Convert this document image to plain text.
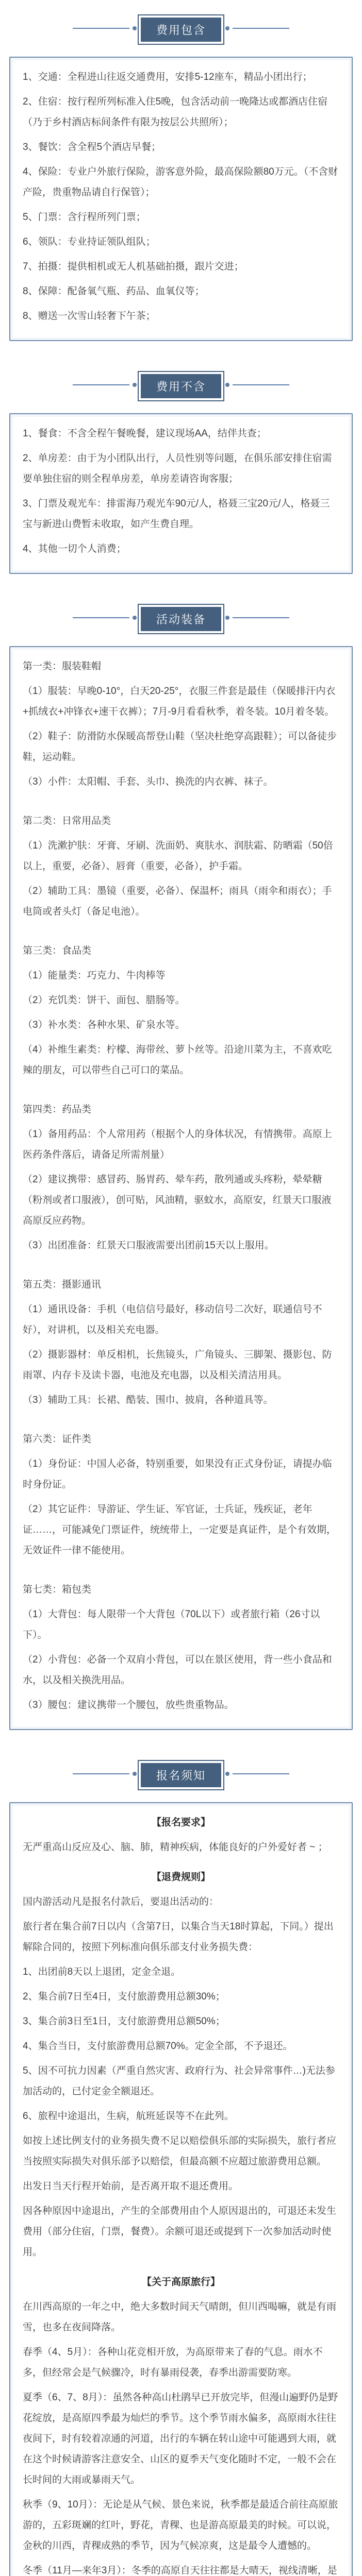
费用包含

1、交通：全程进山往返交通费用，安排5-12座车，精品小团出行；

2、住宿：按行程所列标准入住5晚，包含活动前一晚隆达或都酒店住宿（乃于乡村酒店标间条件有限为按层公共照所）；

3、餐饮：含全程5个酒店早餐；

4、保险：专业户外旅行保险，游客意外险，最高保险额80万元。（不含财产险，贵重物品请自行保管）；

5、门票：含行程所列门票；

6、领队：专业持证领队组队；

7、拍摄：提供相机或无人机基础拍摄，跟片交进；

8、保障：配备氧气瓶、药品、血氧仪等；

8、赠送一次雪山轻奢下午茶；

费用不含

1、餐食：不含全程午餐晚餐，建议现场AA，结伴共查；

2、单房差：由于为小团队出行，人员性别等问题，在俱乐部安排住宿需要单独住宿的则全程单房差，单房差请咨询客服；

3、门票及观光车：排雷海乃观光车90元/人，格聂三宝20元/人，格聂三宝与新进山费暂未收取，如产生费自理。

4、其他一切个人消费；

活动装备

第一类：服装鞋帽

（1）服装：早晚0-10°，白天20-25°，衣服三件套是最佳（保暖排汗内衣+抓绒衣+冲锋衣+速干衣裤）；7月-9月看看秋季，着冬装。10月着冬装。

（2）鞋子：防滑防水保暖高帮登山鞋（坚决杜绝穿高跟鞋）；可以备徒步鞋，运动鞋。

（3）小件：太阳帽、手套、头巾、换洗的内衣裤、袜子。

第二类：日常用品类

（1）洗漱护肤：牙膏、牙刷、洗面奶、爽肤水、润肤霜、防晒霜（50倍以上，重要，必备）、唇膏（重要，必备），护手霜。

（2）辅助工具：墨镜（重要，必备）、保温杯；雨具（雨伞和雨衣）；手电筒或者头灯（备足电池）。

第三类：食品类

（1）能量类：巧克力、牛肉棒等

（2）充饥类：饼干、面包、腊肠等。

（3）补水类：各种水果、矿泉水等。

（4）补维生素类：柠檬、海带丝、萝卜丝等。沿途川菜为主，不喜欢吃辣的朋友，可以带些自己可口的菜品。

第四类：药品类

（1）备用药品：个人常用药（根据个人的身体状况，有情携带。高原上医药条件落后，请备足所需剂量）

（2）建议携带：感冒药、肠胃药、晕车药，散列通或头疼粉，晕晕糖（粉剂或者口服液），创可贴，风油精，驱蚊水，高原安，红景天口服液高原反应药物。

（3）出团准备：红景天口服液需要出团前15天以上服用。

第五类：摄影通讯

（1）通讯设备：手机（电信信号最好，移动信号二次好，联通信号不好），对讲机，以及相关充电器。

（2）摄影器材：单反相机，长焦镜头，广角镜头、三脚架、摄影包、防雨罩、内存卡及读卡器，电池及充电器，以及相关清洁用具。

（3）辅助工具：长裙、酷装、围巾、披肩，各种道具等。

第六类：证件类

（1）身份证：中国人必备，特别重要，如果没有正式身份证，请提办临时身份证。

（2）其它证件：导游证、学生证、军官证，士兵证，残疾证，老年证……，可能减免门票证件，统统带上，一定要是真证件，是个有效期，无效证件一律不能使用。

第七类：箱包类

（1）大背包：每人限带一个大背包（70L以下）或者旅行箱（26寸以下）。

（2）小背包：必备一个双肩小背包，可以在景区使用，背一些小食品和水，以及相关换洗用品。

（3）腰包：建议携带一个腰包，放些贵重物品。

报名须知

【报名要求】

无严重高山反应及心、脑、肺，精神疾病，体能良好的户外爱好者 ~ ；

【退费规则】

国内游活动凡是报名付款后，要退出活动的：

旅行者在集合前7日以内（含第7日，以集合当天18时算起，下同。）提出解除合同的，按照下列标准向俱乐部支付业务损失费：

1、出团前8天以上退团，定金全退。

2、集合前7日至4日，支付旅游费用总额30%；

3、集合前3日至1日，支付旅游费用总额50%；

4、集合当日，支付旅游费用总额70%。定金全部，不予退还。

5、因不可抗力因素（严重自然灾害、政府行为、社会异常事件…)无法参加活动的，已付定金全额退还。

6、旅程中途退出，生病，航班延误等不在此列。

如按上述比例支付的业务损失费不足以赔偿俱乐部的实际损失，旅行者应当按照实际损失对俱乐部予以赔偿，但最高额不应超过旅游费用总额。

出发日当天行程开始前，是否离开取不退还费用。

因各种原因中途退出，产生的全部费用由个人原因退出的，可退还未发生费用（部分住宿，门票，餐费）。余额可退还或提到下一次参加活动时使用。

【关于高原旅行】

在川西高原的一年之中，绝大多数时间天气晴朗，但川西喝嘛，就是有雨雪，也多在夜间降落。

春季（4、5月）：各种山花竞相开放，为高原带来了春的气息。雨水不多，但经常会是气候骤冷，时有暴雨侵袭，春季出游需要防寒。

夏季（6、7、8月）：虽然各种高山杜鹃早已开放完毕，但漫山遍野仍是野花绽放，是高原四季最为灿烂的季节。这个季节雨水偏多，高原雨水往往夜间下，时有较着凉通的河道，出行的车辆在转山途中可能遇到大雨，就在这个时候请游客注意安全、山区的夏季天气变化随时不定，一般不会在长时间的大雨或暴雨天气。

秋季（9、10月）：无论是从气候、景色来说，秋季都是最适合前往高原旅游的，五彩斑斓的红叶，野花，青稞、也是游高原最美的时候。可以说，金秋的川西，青稞成熟的季节，因为气候凉爽，这是最令人遭憾的。

冬季（11月—来年3月）：冬季的高原自天往往都是大晴天，视线清晰，是
